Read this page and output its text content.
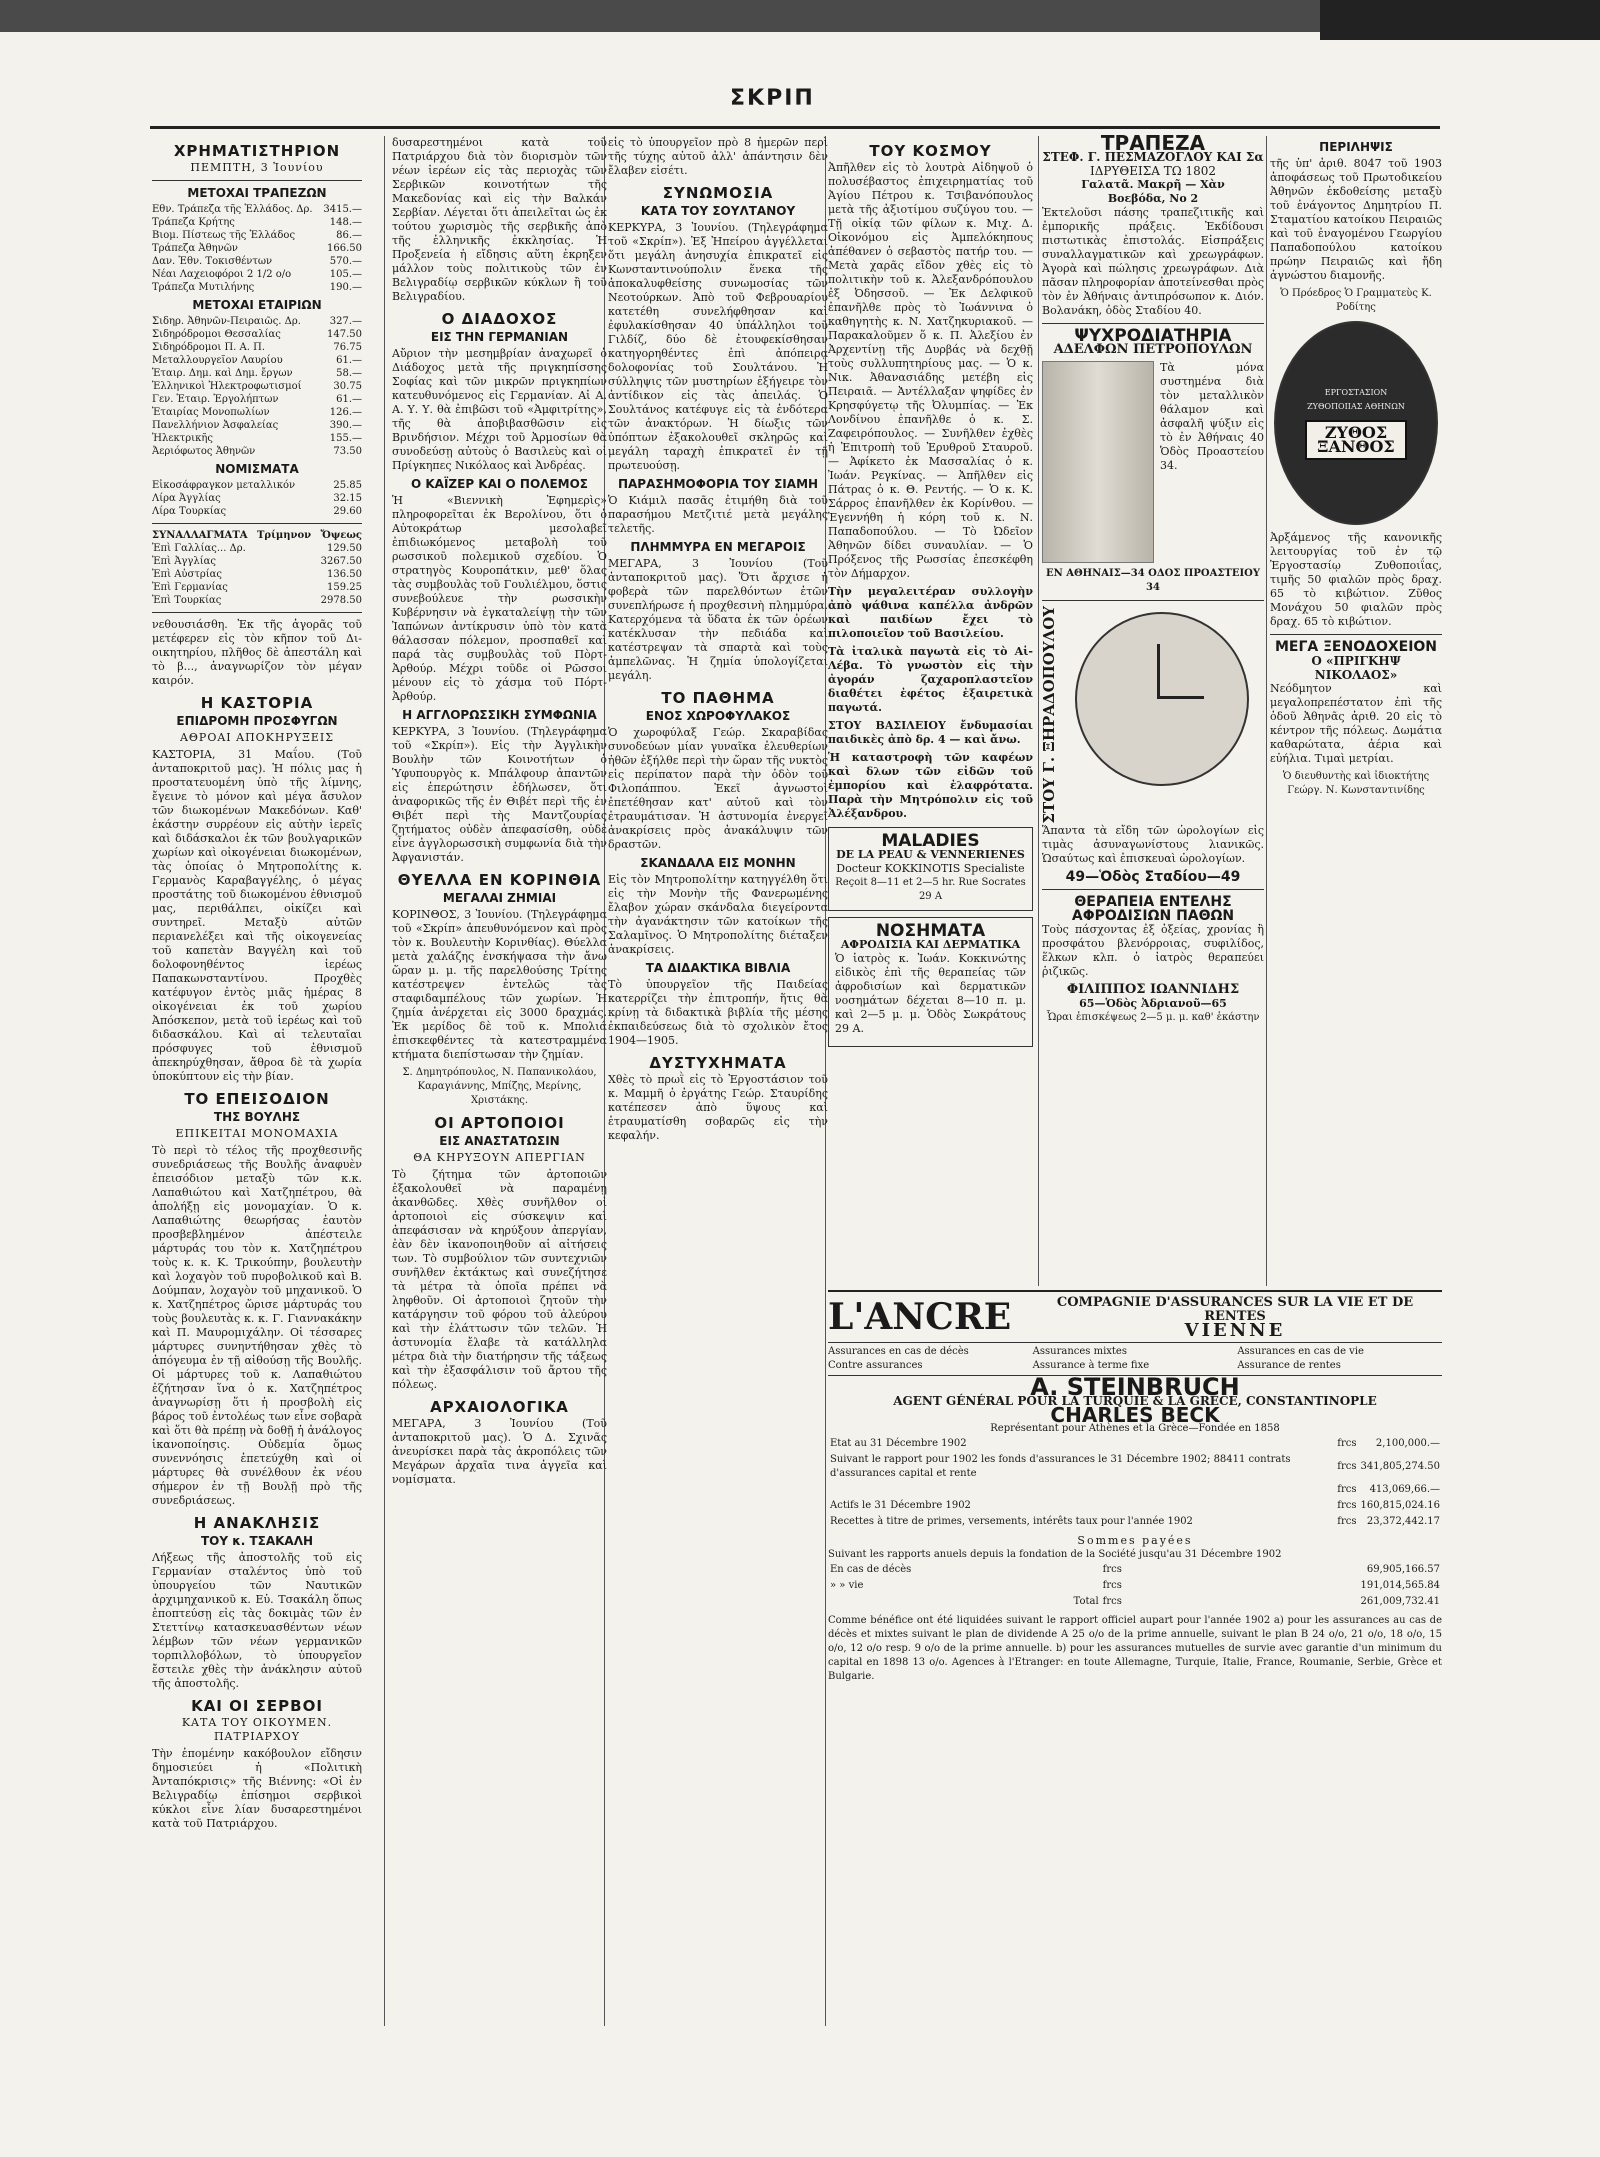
ΣΚΡΙΠ
ΧΡΗΜΑΤΙΣΤΗΡΙΟΝ
ΠΕΜΠΤΗ, 3 Ἰουνίου
ΜΕΤΟΧΑΙ ΤΡΑΠΕΖΩΝ
Εθν. Τράπεζα τῆς Ἑλλάδος. Δρ. 3415.—
Τράπεζα Κρήτης	148.—
Βιομ. Πίστεως τῆς Ἑλλάδος	86.—
Τράπεζα Ἀθηνῶν	166.50
Δαν. Ἐθν. Τοκισθέντων	570.—
Νέαι Λαχειοφόροι 2 1/2 ο/ο	105.—
Τράπεζα Μυτιλήνης	190.—
ΜΕΤΟΧΑΙ ΕΤΑΙΡΙΩΝ
Σιδηρ. Ἀθηνῶν-Πειραιῶς. Δρ.	327.—
Σιδηρόδρομοι Θεσσαλίας	147.50
Σιδηρόδρομοι Π. Α. Π.	76.75
Μεταλλουργεῖον Λαυρίου	61.—
Ἑταιρ. Δημ. καὶ Δημ. ἔργων	58.—
Ἑλληνικοὶ Ἠλεκτροφωτισμοί	30.75
Γεν. Ἑταιρ. Ἐργολήπτων	61.—
Ἑταιρίας Μονοπωλίων	126.—
Πανελλήνιον Ἀσφαλείας	390.—
Ἠλεκτρικῆς	155.—
Ἀεριόφωτος Ἀθηνῶν	73.50
ΝΟΜΙΣΜΑΤΑ
Εἰκοσάφραγκον μεταλλικόν	25.85
Λίρα Ἀγγλίας	32.15
Λίρα Τουρκίας	29.60
ΣΥΝΑΛΛΑΓΜΑΤΑ Τρίμηνον Ὄψεως
Ἐπὶ Γαλλίας... Δρ.	129.50
Ἐπὶ Ἀγγλίας	3267.50
Ἐπὶ Αὐστρίας	136.50
Ἐπὶ Γερμανίας	159.25
Ἐπὶ Τουρκίας	2978.50

νεθουσιάσθη. Ἐκ τῆς ἀγορᾶς τοῦ μετέφερεν εἰς τὸν κῆπον τοῦ Δι- οικητηρίου, πλῆθος δὲ ἀπεστάλη καὶ τὸ β..., ἀναγνωρίζον τὸν μέγαν καιρόν.

Η ΚΑΣΤΟΡΙΑ
ΕΠΙΔΡΟΜΗ ΠΡΟΣΦΥΓΩΝ
ΑΘΡΟΑΙ ΑΠΟΚΗΡΥΞΕΙΣ

ΚΑΣΤΟΡΙΑ, 31 Μαΐου. (Τοῦ ἀνταποκριτοῦ μας). Ἡ πόλις μας ἡ προστατευομένη ὑπὸ τῆς λίμνης, ἔγεινε τὸ μόνον καὶ μέγα ἄσυλον τῶν διωκομένων Μακεδόνων. Καθ' ἑκάστην συρρέουν εἰς αὐτὴν ἱερεῖς καὶ διδάσκαλοι ἐκ τῶν βουλγαρικῶν χωρίων καὶ οἰκογένειαι διωκομένων, τὰς ὁποίας ὁ Μητροπολίτης κ. Γερμανὸς Καραβαγγέλης, ὁ μέγας προστάτης τοῦ διωκομένου ἐθνισμοῦ μας, περιθάλπει, οἰκίζει καὶ συντηρεῖ. Μεταξὺ αὐτῶν περιανελέξει καὶ τῆς οἰκογενείας τοῦ καπετὰν Βαγγέλη καὶ τοῦ δολοφονηθέντος ἱερέως Παπακωνσταντίνου. Προχθὲς κατέφυγον ἐντὸς μιᾶς ἡμέρας 8 οἰκογένειαι ἐκ τοῦ χωρίου Ἀπόσκεπον, μετὰ τοῦ ἱερέως καὶ τοῦ διδασκάλου. Καὶ αἱ τελευταῖαι πρόσφυγες τοῦ ἐθνισμοῦ ἀπεκηρύχθησαν, ἄθροα δὲ τὰ χωρία ὑποκύπτουν εἰς τὴν βίαν.

ΤΟ ΕΠΕΙΣΟΔΙΟΝ
ΤΗΣ ΒΟΥΛΗΣ
ΕΠΙΚΕΙΤΑΙ ΜΟΝΟΜΑΧΙΑ

Τὸ περὶ τὸ τέλος τῆς προχθεσινῆς συνεδριάσεως τῆς Βουλῆς ἀναφυὲν ἐπεισόδιον μεταξὺ τῶν κ.κ. Λαπαθιώτου καὶ Χατζηπέτρου, θὰ ἀπολήξῃ εἰς μονομαχίαν. Ὁ κ. Λαπαθιώτης θεωρήσας ἑαυτὸν προσβεβλημένον ἀπέστειλε μάρτυράς του τὸν κ. Χατζηπέτρου τοὺς κ. κ. Κ. Τρικούπην, βουλευτὴν καὶ λοχαγὸν τοῦ πυροβολικοῦ καὶ Β. Δούμπαν, λοχαγὸν τοῦ μηχανικοῦ. Ὁ κ. Χατζηπέτρος ὥρισε μάρτυράς του τοὺς βουλευτὰς κ. κ. Γ. Γιαννακάκην καὶ Π. Μαυρομιχάλην. Οἱ τέσσαρες μάρτυρες συνηντήθησαν χθὲς τὸ ἀπόγευμα ἐν τῇ αἰθούσῃ τῆς Βουλῆς. Οἱ μάρτυρες τοῦ κ. Λαπαθιώτου ἐζήτησαν ἵνα ὁ κ. Χατζηπέτρος ἀναγνωρίσῃ ὅτι ἡ προσβολὴ εἰς βάρος τοῦ ἐντολέως των εἶνε σοβαρὰ καὶ ὅτι θὰ πρέπῃ νὰ δοθῇ ἡ ἀνάλογος ἱκανοποίησις. Οὐδεμία ὅμως συνεννόησις ἐπετεύχθη καὶ οἱ μάρτυρες θὰ συνέλθουν ἐκ νέου σήμερον ἐν τῇ Βουλῇ πρὸ τῆς συνεδριάσεως.

Η ΑΝΑΚΛΗΣΙΣ
ΤΟΥ κ. ΤΣΑΚΑΛΗ

Λήξεως τῆς ἀποστολῆς τοῦ εἰς Γερμανίαν σταλέντος ὑπὸ τοῦ ὑπουργείου τῶν Ναυτικῶν ἀρχιμηχανικοῦ κ. Εὐ. Τσακάλη ὅπως ἐποπτεύσῃ εἰς τὰς δοκιμὰς τῶν ἐν Στεττίνῳ κατασκευασθέντων νέων λέμβων τῶν νέων γερμανικῶν τορπιλλοβόλων, τὸ ὑπουργεῖον ἔστειλε χθὲς τὴν ἀνάκλησιν αὐτοῦ τῆς ἀποστολῆς.

ΚΑΙ ΟΙ ΣΕΡΒΟΙ
ΚΑΤΑ ΤΟΥ ΟΙΚΟΥΜΕΝ. ΠΑΤΡΙΑΡΧΟΥ

Τὴν ἐπομένην κακόβουλον εἴδησιν δημοσιεύει ἡ «Πολιτικὴ Ἀνταπόκρισις» τῆς Βιέννης: «Οἱ ἐν Βελιγραδίῳ ἐπίσημοι σερβικοὶ κύκλοι εἶνε λίαν δυσαρεστημένοι κατὰ τοῦ Πατριάρχου.

δυσαρεστημένοι κατὰ τοῦ Πατριάρχου διὰ τὸν διορισμὸν τῶν νέων ἱερέων εἰς τὰς περιοχὰς τῶν Σερβικῶν κοινοτήτων τῆς Μακεδονίας καὶ εἰς τὴν Βαλκάν Σερβίαν. Λέγεται ὅτι ἀπειλεῖται ὡς ἐκ τούτου χωρισμὸς τῆς σερβικῆς ἀπὸ τῆς ἑλληνικῆς ἐκκλησίας. Ἡ Προξενεία ἡ εἴδησις αὕτη ἐκρηξεν μάλλον τοὺς πολιτικοὺς τῶν ἐν Βελιγραδίῳ σερβικῶν κύκλων ἢ τοῦ Βελιγραδίου.

Ο ΔΙΑΔΟΧΟΣ
ΕΙΣ ΤΗΝ ΓΕΡΜΑΝΙΑΝ

Αὔριον τὴν μεσημβρίαν ἀναχωρεῖ ὁ Διάδοχος μετὰ τῆς πριγκηπίσσης Σοφίας καὶ τῶν μικρῶν πριγκηπίων κατευθυνόμενος εἰς Γερμανίαν. Αἱ Α. Α. Υ. Υ. θὰ ἐπιβῶσι τοῦ «Ἀμφιτρίτης», τῆς θὰ ἀποβιβασθῶσιν εἰς Βρινδήσιον. Μέχρι τοῦ Ἀρμοσίων θὰ συνοδεύσῃ αὐτοὺς ὁ Βασιλεὺς καὶ οἱ Πρίγκηπες Νικόλαος καὶ Ἀνδρέας.

Ο ΚΑΪΖΕΡ ΚΑΙ Ο ΠΟΛΕΜΟΣ

Ἡ «Βιεννικὴ Ἐφημερὶς» πληροφορεῖται ἐκ Βερολίνου, ὅτι ὁ Αὐτοκράτωρ μεσολαβεῖ ἐπιδιωκόμενος μεταβολὴ τοῦ ρωσσικοῦ πολεμικοῦ σχεδίου. Ὁ στρατηγὸς Κουροπάτκιν, μεθ' ὅλας τὰς συμβουλὰς τοῦ Γουλιέλμου, ὅστις συνεβούλευε τὴν ρωσσικὴν Κυβέρνησιν νὰ ἐγκαταλείψῃ τὴν τῶν Ἰαπώνων ἀντίκρυσιν ὑπὸ τὸν κατὰ θάλασσαν πόλεμον, προσπαθεῖ καὶ παρά τὰς συμβουλὰς τοῦ Πὸρτ-Ἀρθούρ. Μέχρι τοῦδε οἱ Ρῶσσοι μένουν εἰς τὸ χάσμα τοῦ Πόρτ-Ἀρθούρ.

Η ΑΓΓΛΟΡΩΣΣΙΚΗ ΣΥΜΦΩΝΙΑ

ΚΕΡΚΥΡΑ, 3 Ἰουνίου. (Τηλεγράφημα τοῦ «Σκρίπ»). Εἰς τὴν Ἀγγλικὴν Βουλὴν τῶν Κοινοτήτων ὁ Ὑφυπουργὸς κ. Μπάλφουρ ἀπαντῶν εἰς ἐπερώτησιν ἐδήλωσεν, ὅτι ἀναφορικῶς τῆς ἐν Θιβέτ περὶ τῆς ἐν Θιβέτ περὶ τὴς Μαντζουρίας ζητήματος οὐδὲν ἀπεφασίσθη, οὐδὲ εἶνε ἀγγλορωσσικὴ συμφωνία διὰ τὴν Ἀφγανιστάν.

ΘΥΕΛΛΑ ΕΝ ΚΟΡΙΝΘΙΑ
ΜΕΓΑΛΑΙ ΖΗΜΙΑΙ

ΚΟΡΙΝΘΟΣ, 3 Ἰουνίου. (Τηλεγράφημα τοῦ «Σκρίπ» ἀπευθυνόμενον καὶ πρὸς τὸν κ. Βουλευτὴν Κορινθίας). Θύελλα μετὰ χαλάζης ἐνσκήψασα τὴν ἄνω ὥραν μ. μ. τῆς παρελθούσης Τρίτης κατέστρεψεν ἐντελῶς τὰς σταφιδαμπέλους τῶν χωρίων. Ἡ ζημία ἀνέρχεται εἰς 3000 δραχμάς. Ἐκ μερίδος δὲ τοῦ κ. Μπολιά ἐπισκεφθέντες τὰ κατεστραμμένα κτήματα διεπίστωσαν τὴν ζημίαν.

Σ. Δημητρόπουλος, Ν. Παπανικολάου, Καραγιάννης, Μπίζης, Μερίνης, Χριστάκης.

ΟΙ ΑΡΤΟΠΟΙΟΙ
ΕΙΣ ΑΝΑΣΤΑΤΩΣΙΝ
ΘΑ ΚΗΡΥΞΟΥΝ ΑΠΕΡΓΙΑΝ

Τὸ ζήτημα τῶν ἀρτοποιῶν ἐξακολουθεῖ νὰ παραμένῃ ἀκανθῶδες. Χθὲς συνῆλθον οἱ ἀρτοποιοὶ εἰς σύσκεψιν καὶ ἀπεφάσισαν νὰ κηρύξουν ἀπεργίαν, ἐὰν δὲν ἱκανοποιηθοῦν αἱ αἰτήσεις των. Τὸ συμβούλιον τῶν συντεχνιῶν συνῆλθεν ἐκτάκτως καὶ συνεζήτησε τὰ μέτρα τὰ ὁποῖα πρέπει νὰ ληφθοῦν. Οἱ ἀρτοποιοὶ ζητοῦν τὴν κατάργησιν τοῦ φόρου τοῦ ἀλεύρου καὶ τὴν ἐλάττωσιν τῶν τελῶν. Ἡ ἀστυνομία ἔλαβε τὰ κατάλληλα μέτρα διὰ τὴν διατήρησιν τῆς τάξεως καὶ τὴν ἐξασφάλισιν τοῦ ἄρτου τῆς πόλεως.

ΑΡΧΑΙΟΛΟΓΙΚΑ

ΜΕΓΑΡΑ, 3 Ἰουνίου (Τοῦ ἀνταποκριτοῦ μας). Ὁ Δ. Σχινᾶς ἀνευρίσκει παρὰ τὰς ἀκροπόλεις τῶν Μεγάρων ἀρχαῖα τινα ἀγγεῖα καὶ νομίσματα.

εἰς τὸ ὑπουργεῖον πρὸ 8 ἡμερῶν περὶ τῆς τύχης αὐτοῦ ἀλλ' ἀπάντησιν δὲν ἔλαβεν εἰσέτι.

ΣΥΝΩΜΟΣΙΑ
ΚΑΤΑ ΤΟΥ ΣΟΥΛΤΑΝΟΥ

ΚΕΡΚΥΡΑ, 3 Ἰουνίου. (Τηλεγράφημα τοῦ «Σκρίπ»). Ἐξ Ἠπείρου ἀγγέλλεται ὅτι μεγάλη ἀνησυχία ἐπικρατεῖ εἰς Κωνσταντινούπολιν ἕνεκα τῆς ἀποκαλυφθείσης συνωμοσίας τῶν Νεοτούρκων. Ἀπὸ τοῦ Φεβρουαρίου κατετέθη συνελήφθησαν καὶ ἐφυλακίσθησαν 40 ὑπάλληλοι τοῦ Γιλδίζ, δύο δὲ ἐτουφεκίσθησαν κατηγορηθέντες ἐπὶ ἀπόπειρᾳ δολοφονίας τοῦ Σουλτάνου. Ἡ σύλληψις τῶν μυστηρίων ἐξήγειρε τὸν ἀντίδικον εἰς τὰς ἀπειλάς. Ὁ Σουλτάνος κατέφυγε εἰς τὰ ἐνδότερα τῶν ἀνακτόρων. Ἡ δίωξις τῶν ὑπόπτων ἐξακολουθεῖ σκληρῶς καὶ μεγάλη ταραχὴ ἐπικρατεῖ ἐν τῇ πρωτευούσῃ.

ΠΑΡΑΣΗΜΟΦΟΡΙΑ ΤΟΥ ΣΙΑΜΗ

Ὁ Κιάμιλ πασᾶς ἐτιμήθη διὰ τοῦ παρασήμου Μετζιτιέ μετὰ μεγάλης τελετῆς.

ΠΛΗΜΜΥΡΑ ΕΝ ΜΕΓΑΡΟΙΣ

ΜΕΓΑΡΑ, 3 Ἰουνίου (Τοῦ ἀνταποκριτοῦ μας). Ὅτι ἄρχισε ἡ φοβερὰ τῶν παρελθόντων ἐτῶν συνεπλήρωσε ἡ προχθεσινὴ πλημμύρα. Κατερχόμενα τὰ ὕδατα ἐκ τῶν ὀρέων κατέκλυσαν τὴν πεδιάδα καὶ κατέστρεψαν τὰ σπαρτὰ καὶ τοὺς ἀμπελῶνας. Ἡ ζημία ὑπολογίζεται μεγάλη.

ΤΟ ΠΑΘΗΜΑ
ΕΝΟΣ ΧΩΡΟΦΥΛΑΚΟΣ

Ὁ χωροφύλαξ Γεώρ. Σκαραβίδας συνοδεύων μίαν γυναῖκα ἐλευθερίων ἠθῶν ἐξήλθε περὶ τὴν ὥραν τῆς νυκτὸς εἰς περίπατον παρὰ τὴν ὁδὸν τοῦ Φιλοπάππου. Ἐκεῖ ἀγνωστοὶ ἐπετέθησαν κατ' αὐτοῦ καὶ τὸν ἐτραυμάτισαν. Ἡ ἀστυνομία ἐνεργεῖ ἀνακρίσεις πρὸς ἀνακάλυψιν τῶν δραστῶν.

ΣΚΑΝΔΑΛΑ ΕΙΣ ΜΟΝΗΝ

Εἰς τὸν Μητροπολίτην κατηγγέλθη ὅτι εἰς τὴν Μονὴν τῆς Φανερωμένης ἔλαβον χώραν σκάνδαλα διεγείροντα τὴν ἀγανάκτησιν τῶν κατοίκων τῆς Σαλαμῖνος. Ὁ Μητροπολίτης διέταξεν ἀνακρίσεις.

ΤΑ ΔΙΔΑΚΤΙΚΑ ΒΙΒΛΙΑ

Τὸ ὑπουργεῖον τῆς Παιδείας κατερρίζει τὴν ἐπιτροπήν, ἥτις θὰ κρίνῃ τὰ διδακτικὰ βιβλία τῆς μέσης ἐκπαιδεύσεως διὰ τὸ σχολικὸν ἔτος 1904—1905.

ΔΥΣΤΥΧΗΜΑΤΑ

Χθὲς τὸ πρωῒ εἰς τὸ Ἐργοστάσιον τοῦ κ. Μαμμῆ ὁ ἐργάτης Γεώρ. Σταυρίδης κατέπεσεν ἀπὸ ὕψους καὶ ἐτραυματίσθη σοβαρῶς εἰς τὴν κεφαλήν.

ΤΟΥ ΚΟΣΜΟΥ

Ἀπῆλθεν εἰς τὸ λουτρὰ Αἰδηψοῦ ὁ πολυσέβαστος ἐπιχειρηματίας τοῦ Ἀγίου Πέτρου κ. Τσιβανόπουλος μετὰ τῆς ἀξιοτίμου συζύγου του. — Τῇ οἰκίᾳ τῶν φίλων κ. Μιχ. Δ. Οἰκονόμου εἰς Ἀμπελόκηπους ἀπέθανεν ὁ σεβαστὸς πατήρ του. — Μετὰ χαρᾶς εἴδον χθὲς εἰς τὸ πολιτικὴν τοῦ κ. Ἀλεξανδρόπουλου ἐξ Ὀδησσοῦ. — Ἐκ Δελφικοῦ ἐπανῆλθε πρὸς τὸ Ἰωάννινα ὁ καθηγητὴς κ. Ν. Χατζηκυριακοῦ. — Παρακαλοῦμεν ὅ κ. Π. Ἀλεξίου ἐν Ἀρχεντίνῃ τῆς Δυρβάς νὰ δεχθῇ τοὺς συλλυπητηρίους μας. — Ὁ κ. Νικ. Ἀθανασιάδης μετέβη εἰς Πειραιᾶ. — Ἀντέλλαξαν ψηφίδες ἐν Κρησφύγετῳ τῆς Ὀλυμπίας. — Ἐκ Λονδίνου ἐπανῆλθε ὁ κ. Σ. Ζαφειρόπουλος. — Συνῆλθεν ἐχθὲς ἡ Ἐπιτροπὴ τοῦ Ἐρυθροῦ Σταυροῦ. — Ἀφίκετο ἐκ Μασσαλίας ὁ κ. Ἰωάν. Ρεγκίνας. — Ἀπῆλθεν εἰς Πάτρας ὁ κ. Θ. Ρεντής. — Ὁ κ. Κ. Σάρρος ἐπανῆλθεν ἐκ Κορίνθου. — Ἐγεννήθη ἡ κόρη τοῦ κ. Ν. Παπαδοπούλου. — Τὸ Ὠδεῖον Ἀθηνῶν δίδει συναυλίαν. — Ὁ Πρόξενος τῆς Ρωσσίας ἐπεσκέφθη τὸν Δήμαρχον.

Τὴν μεγαλειτέραν συλλογὴν ἀπὸ ψάθινα καπέλλα ἀνδρῶν καὶ παιδίων ἔχει τὸ πιλοποιεῖον τοῦ Βασιλείου.

Τὰ ἰταλικὰ παγωτὰ εἰς τὸ Αἱ-Λέβα. Τὸ γνωστὸν εἰς τὴν ἀγοράν ζαχαροπλαστεῖον διαθέτει ἐφέτος ἐξαιρετικὰ παγωτά.

ΣΤΟΥ ΒΑΣΙΛΕΙΟΥ ἔνδυμασίαι παιδικὲς ἀπὸ δρ. 4 — καὶ ἄνω.

Ἡ καταστροφὴ τῶν καφέων καὶ δλων τῶν εἰδῶν τοῦ ἐμπορίου καὶ ἐλαφρότατα. Παρὰ τὴν Μητρόπολιν εἰς τοῦ Ἀλέξανδρου.

MALADIES
DE LA PEAU & VENNERIENES
Docteur KOKKINOTIS Specialiste
Reçoit 8—11 et 2—5 hr. Rue Socrates 29 A
ΝΟΣΗΜΑΤΑ
ΑΦΡΟΔΙΣΙΑ ΚΑΙ ΔΕΡΜΑΤΙΚΑ

Ὁ ἰατρὸς κ. Ἰωάν. Κοκκινώτης εἰδικὸς ἐπὶ τῆς θεραπείας τῶν ἀφροδισίων καὶ δερματικῶν νοσημάτων δέχεται 8—10 π. μ. καὶ 2—5 μ. μ. Ὁδὸς Σωκράτους 29 Α.

ΤΡΑΠΕΖΑ
ΣΤΕΦ. Γ. ΠΕΣΜΑΖΟΓΛΟΥ ΚΑΙ Σα
ΙΔΡΥΘΕΙΣΑ ΤΩ 1802
Γαλατᾶ. Μακρῆ — Χὰν
Βοεβόδα, No 2

Ἐκτελοῦσι πάσης τραπεζιτικῆς καὶ ἐμπορικῆς πράξεις. Ἐκδίδουσι πιστωτικὰς ἐπιστολάς. Εἰσπράξεις συναλλαγματικῶν καὶ χρεωγράφων. Ἀγορὰ καὶ πώλησις χρεωγράφων. Διὰ πᾶσαν πληροφορίαν ἀποτείνεσθαι πρὸς τὸν ἐν Ἀθήναις ἀντιπρόσωπον κ. Διόν. Βολανάκη, ὁδὸς Σταδίου 40.

ΨΥΧΡΟΔΙΑΤΗΡΙΑ
ΑΔΕΛΦΩΝ ΠΕΤΡΟΠΟΥΛΩΝ

Τὰ μόνα συστημένα διὰ τὸν μεταλλικὸν θάλαμον καὶ ἀσφαλῆ ψύξιν εἰς τὸ ἐν Ἀθήναις 40 Ὁδὸς Προαστείου 34.

ΕΝ ΑΘΗΝΑΙΣ—34 ΟΔΟΣ ΠΡΟΑΣΤΕΙΟΥ 34
ΣΤΟΥ Γ. ΞΗΡΑΔΟΠΟΥΛΟΥ

Ἅπαντα τὰ εἴδη τῶν ὡρολογίων εἰς τιμὰς ἀσυναγωνίστους λιανικῶς. Ὡσαύτως καὶ ἐπισκευαὶ ὡρολογίων.

49—Ὁδὸς Σταδίου—49
ΘΕΡΑΠΕΙΑ ΕΝΤΕΛΗΣ
ΑΦΡΟΔΙΣΙΩΝ ΠΑΘΩΝ

Τοὺς πάσχοντας ἐξ ὀξείας, χρονίας ἢ προσφάτου βλενόρροιας, συφιλίδος, ἕλκων κλπ. ὁ ἰατρὸς θεραπεύει ῥιζικῶς.

ΦΙΛΙΠΠΟΣ ΙΩΑΝΝΙΔΗΣ
65—Ὁδὸς Ἀδριανοῦ—65
Ὧραι ἐπισκέψεως 2—5 μ. μ. καθ' ἑκάστην
ΠΕΡΙΛΗΨΙΣ

τῆς ὑπ' ἀριθ. 8047 τοῦ 1903 ἀποφάσεως τοῦ Πρωτοδικείου Ἀθηνῶν ἐκδοθείσης μεταξὺ τοῦ ἐνάγοντος Δημητρίου Π. Σταματίου κατοίκου Πειραιῶς καὶ τοῦ ἐναγομένου Γεωργίου Παπαδοπούλου κατοίκου πρώην Πειραιῶς καὶ ἤδη ἀγνώστου διαμονῆς.

Ὁ Πρόεδρος Ὁ Γραμματεὺς Κ. Ροδίτης

ΕΡΓΟΣΤΑΣΙΟΝ ΖΥΘΟΠΟΙΙΑΣ ΑΘΗΝΩΝ
ΖΥΘΟΣ
ΞΑΝΘΟΣ

Ἀρξάμενος τῆς κανονικῆς λειτουργίας τοῦ ἐν τῷ Ἐργοστασίῳ Ζυθοποιΐας, τιμῆς 50 φιαλῶν πρὸς δραχ. 65 τὸ κιβώτιον. Ζῦθος Μονάχου 50 φιαλῶν πρὸς δραχ. 65 τὸ κιβώτιον.

ΜΕΓΑ ΞΕΝΟΔΟΧΕΙΟΝ
Ο «ΠΡΙΓΚΗΨ ΝΙΚΟΛΑΟΣ»

Νεόδμητον καὶ μεγαλοπρεπέστατον ἐπὶ τῆς ὁδοῦ Ἀθηνᾶς ἀριθ. 20 εἰς τὸ κέντρον τῆς πόλεως. Δωμάτια καθαρώτατα, ἀέρια καὶ εὐήλια. Τιμαὶ μετρίαι.

Ὁ διευθυντὴς καὶ ἰδιοκτήτης Γεώργ. Ν. Κωνσταντινίδης

L'ANCRE	COMPAGNIE D'ASSURANCES SUR LA VIE ET DE RENTES
VIENNE
Assurances en cas de décès	Assurances mixtes	Assurances en cas de vie
Contre assurances	Assurance à terme fixe	Assurance de rentes
A. STEINBRUCH
AGENT GÉNÉRAL POUR LA TURQUIE & LA GRÈCE, CONSTANTINOPLE
CHARLES BECK
Représentant pour Athènes et la Grèce—Fondée en 1858
Etat au 31 Décembre 1902	frcs	2,100,000.—
Suivant le rapport pour 1902 les fonds d'assurances le 31 Décembre 1902; 88411 contrats d'assurances capital et rente	frcs	341,805,274.50
	frcs	413,069,66.—
Actifs le 31 Décembre 1902	frcs	160,815,024.16
Recettes à titre de primes, versements, intérêts taux pour l'année 1902	frcs	23,372,442.17
Sommes payées
Suivant les rapports anuels depuis la fondation de la Société jusqu'au 31 Décembre 1902
En cas de décès	frcs	69,905,166.57
» » vie	frcs	191,014,565.84
Total	frcs	261,009,732.41

Comme bénéfice ont été liquidées suivant le rapport officiel aupart pour l'année 1902 a) pour les assurances au cas de décès et mixtes suivant le plan de dividende A 25 o/o de la prime annuelle, suivant le plan B 24 o/o, 21 o/o, 18 o/o, 15 o/o, 12 o/o resp. 9 o/o de la prime annuelle. b) pour les assurances mutuelles de survie avec garantie d'un minimum du capital en 1898 13 o/o. Agences à l'Etranger: en toute Allemagne, Turquie, Italie, France, Roumanie, Serbie, Grèce et Bulgarie.
